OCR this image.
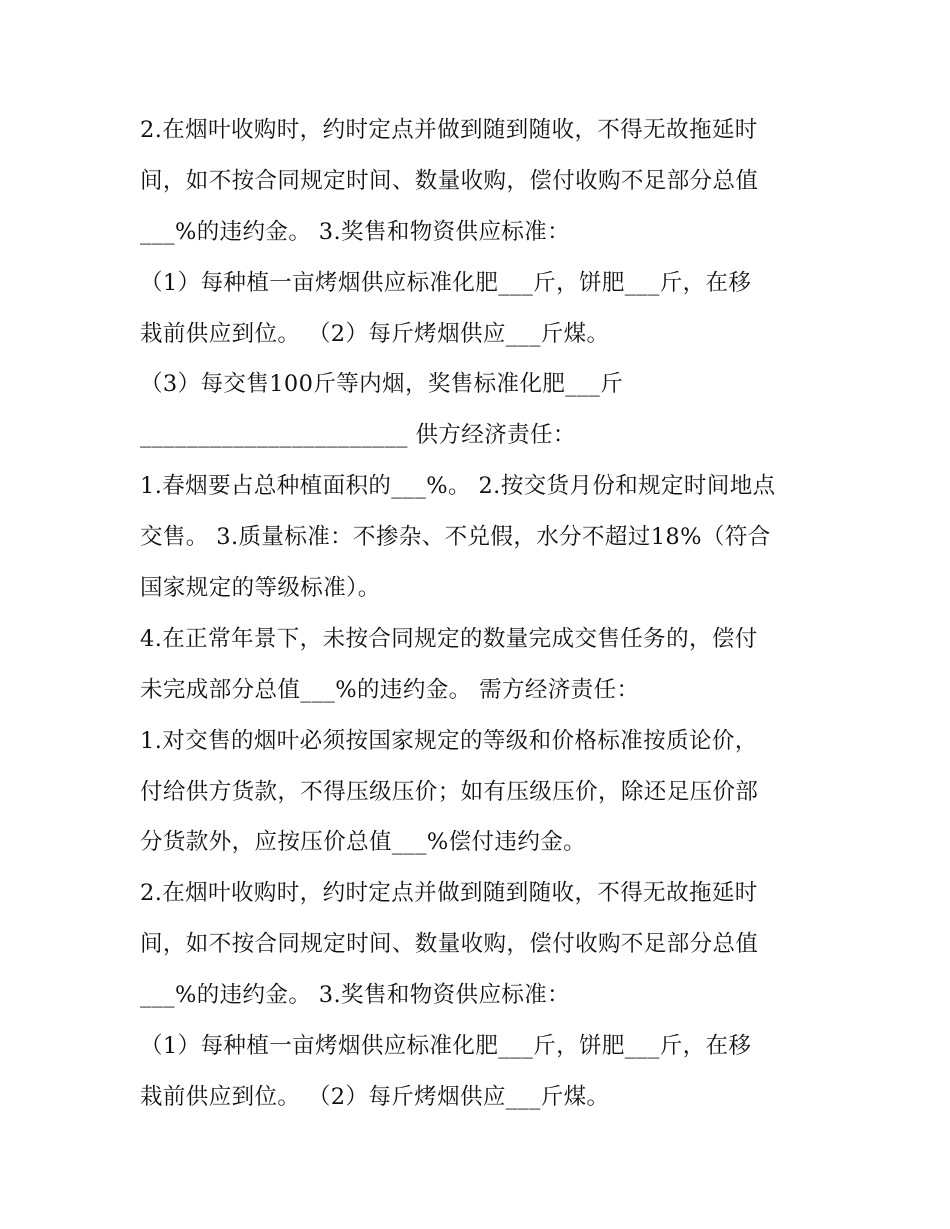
2.在烟叶收购时，约时定点并做到随到随收，不得无故拖延时
间，如不按合同规定时间、数量收购，偿付收购不足部分总值
___%的违约金。 3.奖售和物资供应标准：
（1）每种植一亩烤烟供应标准化肥___斤，饼肥___斤，在移
栽前供应到位。 （2）每斤烤烟供应___斤煤。
（3）每交售100斤等内烟，奖售标准化肥___斤
_______________________ 供方经济责任：
1.春烟要占总种植面积的___%。 2.按交货月份和规定时间地点
交售。 3.质量标准：不掺杂、不兑假，水分不超过18%（符合
国家规定的等级标准）。
4.在正常年景下，未按合同规定的数量完成交售任务的，偿付
未完成部分总值___%的违约金。 需方经济责任：
1.对交售的烟叶必须按国家规定的等级和价格标准按质论价，
付给供方货款，不得压级压价；如有压级压价，除还足压价部
分货款外，应按压价总值___%偿付违约金。
2.在烟叶收购时，约时定点并做到随到随收，不得无故拖延时
间，如不按合同规定时间、数量收购，偿付收购不足部分总值
___%的违约金。 3.奖售和物资供应标准：
（1）每种植一亩烤烟供应标准化肥___斤，饼肥___斤，在移
栽前供应到位。 （2）每斤烤烟供应___斤煤。
